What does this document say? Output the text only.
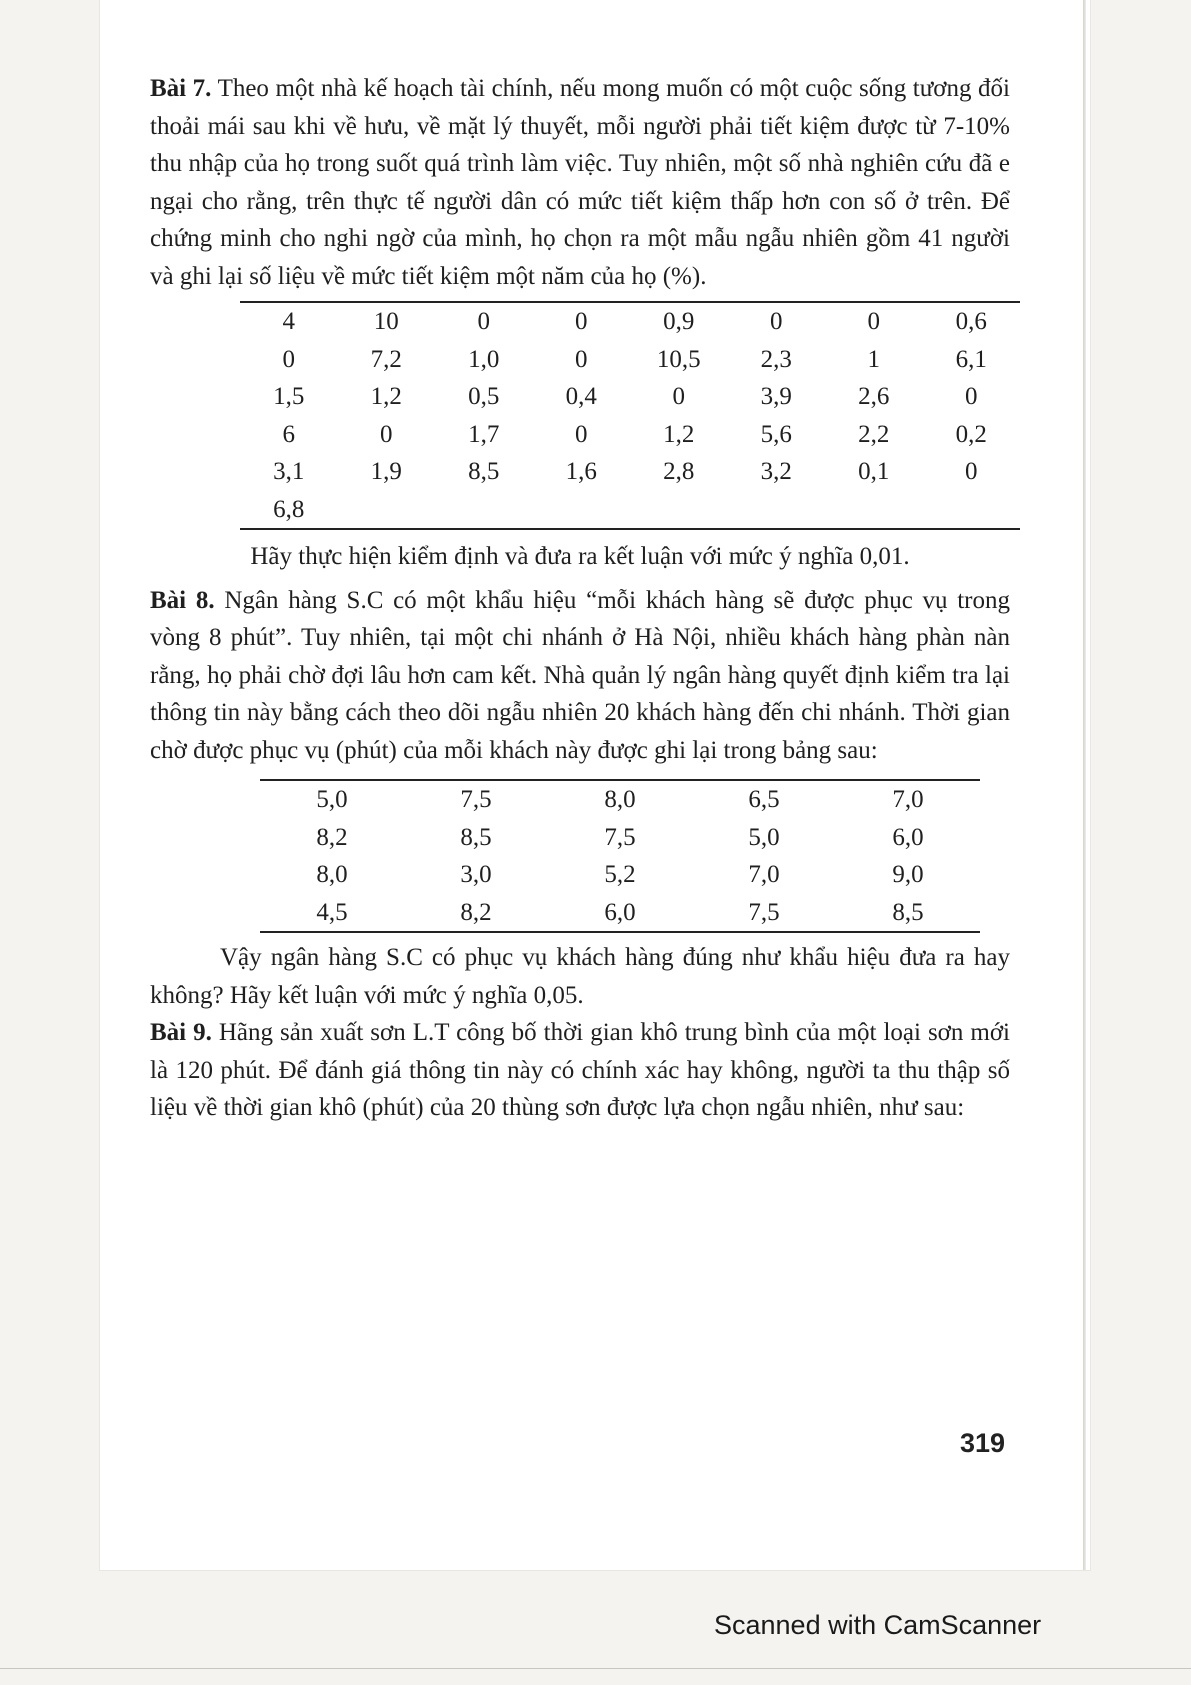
Bài 7. Theo một nhà kế hoạch tài chính, nếu mong muốn có một cuộc sống tương đối thoải mái sau khi về hưu, về mặt lý thuyết, mỗi người phải tiết kiệm được từ 7-10% thu nhập của họ trong suốt quá trình làm việc. Tuy nhiên, một số nhà nghiên cứu đã e ngại cho rằng, trên thực tế người dân có mức tiết kiệm thấp hơn con số ở trên. Để chứng minh cho nghi ngờ của mình, họ chọn ra một mẫu ngẫu nhiên gồm 41 người và ghi lại số liệu về mức tiết kiệm một năm của họ (%).

4	10	0	0	0,9	0	0	0,6
0	7,2	1,0	0	10,5	2,3	1	6,1
1,5	1,2	0,5	0,4	0	3,9	2,6	0
6	0	1,7	0	1,2	5,6	2,2	0,2
3,1	1,9	8,5	1,6	2,8	3,2	0,1	0
6,8							

Hãy thực hiện kiểm định và đưa ra kết luận với mức ý nghĩa 0,01.

Bài 8. Ngân hàng S.C có một khẩu hiệu “mỗi khách hàng sẽ được phục vụ trong vòng 8 phút”. Tuy nhiên, tại một chi nhánh ở Hà Nội, nhiều khách hàng phàn nàn rằng, họ phải chờ đợi lâu hơn cam kết. Nhà quản lý ngân hàng quyết định kiểm tra lại thông tin này bằng cách theo dõi ngẫu nhiên 20 khách hàng đến chi nhánh. Thời gian chờ được phục vụ (phút) của mỗi khách này được ghi lại trong bảng sau:

5,0	7,5	8,0	6,5	7,0
8,2	8,5	7,5	5,0	6,0
8,0	3,0	5,2	7,0	9,0
4,5	8,2	6,0	7,5	8,5

Vậy ngân hàng S.C có phục vụ khách hàng đúng như khẩu hiệu đưa ra hay không? Hãy kết luận với mức ý nghĩa 0,05.

Bài 9. Hãng sản xuất sơn L.T công bố thời gian khô trung bình của một loại sơn mới là 120 phút. Để đánh giá thông tin này có chính xác hay không, người ta thu thập số liệu về thời gian khô (phút) của 20 thùng sơn được lựa chọn ngẫu nhiên, như sau:

319
Scanned with CamScanner
